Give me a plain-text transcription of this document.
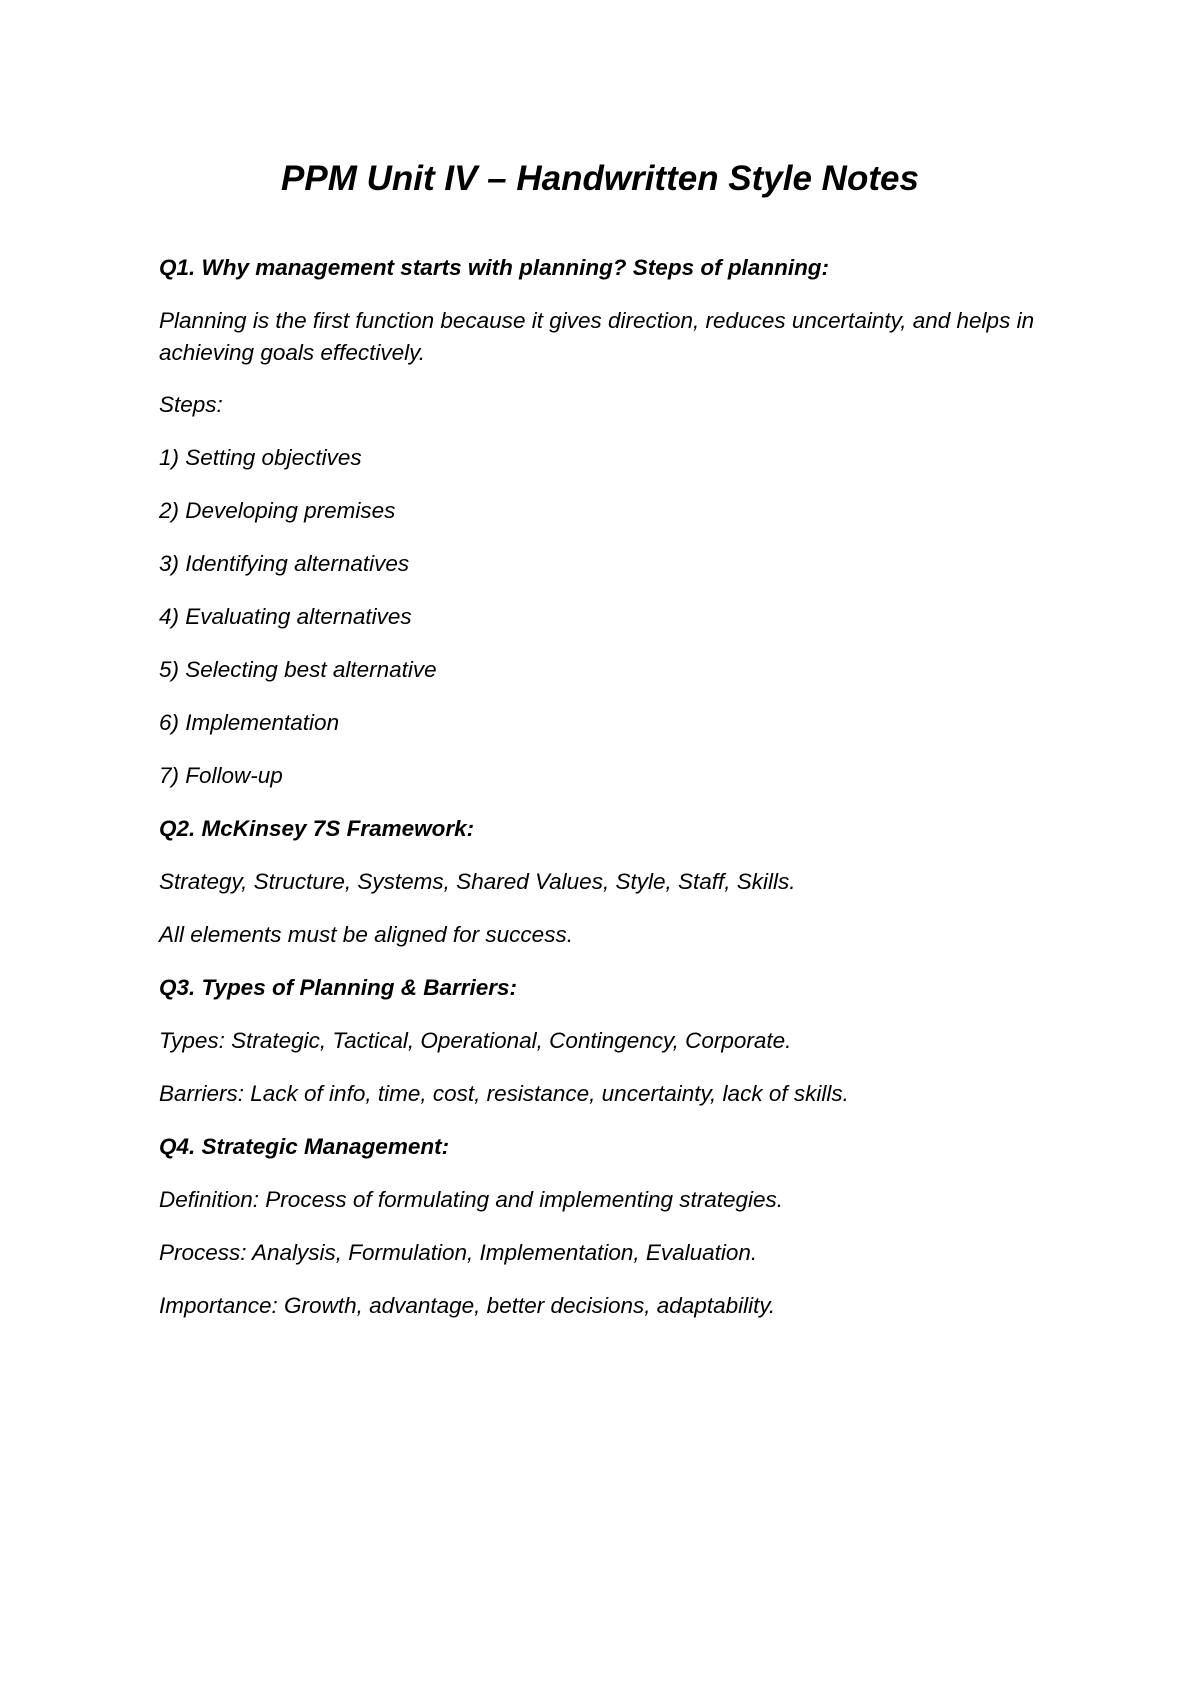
PPM Unit IV – Handwritten Style Notes

Q1. Why management starts with planning? Steps of planning:

Planning is the first function because it gives direction, reduces uncertainty, and helps in achieving goals effectively.

Steps:

1) Setting objectives
2) Developing premises
3) Identifying alternatives
4) Evaluating alternatives
5) Selecting best alternative
6) Implementation
7) Follow-up

Q2. McKinsey 7S Framework:

Strategy, Structure, Systems, Shared Values, Style, Staff, Skills.

All elements must be aligned for success.

Q3. Types of Planning & Barriers:

Types: Strategic, Tactical, Operational, Contingency, Corporate.

Barriers: Lack of info, time, cost, resistance, uncertainty, lack of skills.

Q4. Strategic Management:

Definition: Process of formulating and implementing strategies.

Process: Analysis, Formulation, Implementation, Evaluation.

Importance: Growth, advantage, better decisions, adaptability.
